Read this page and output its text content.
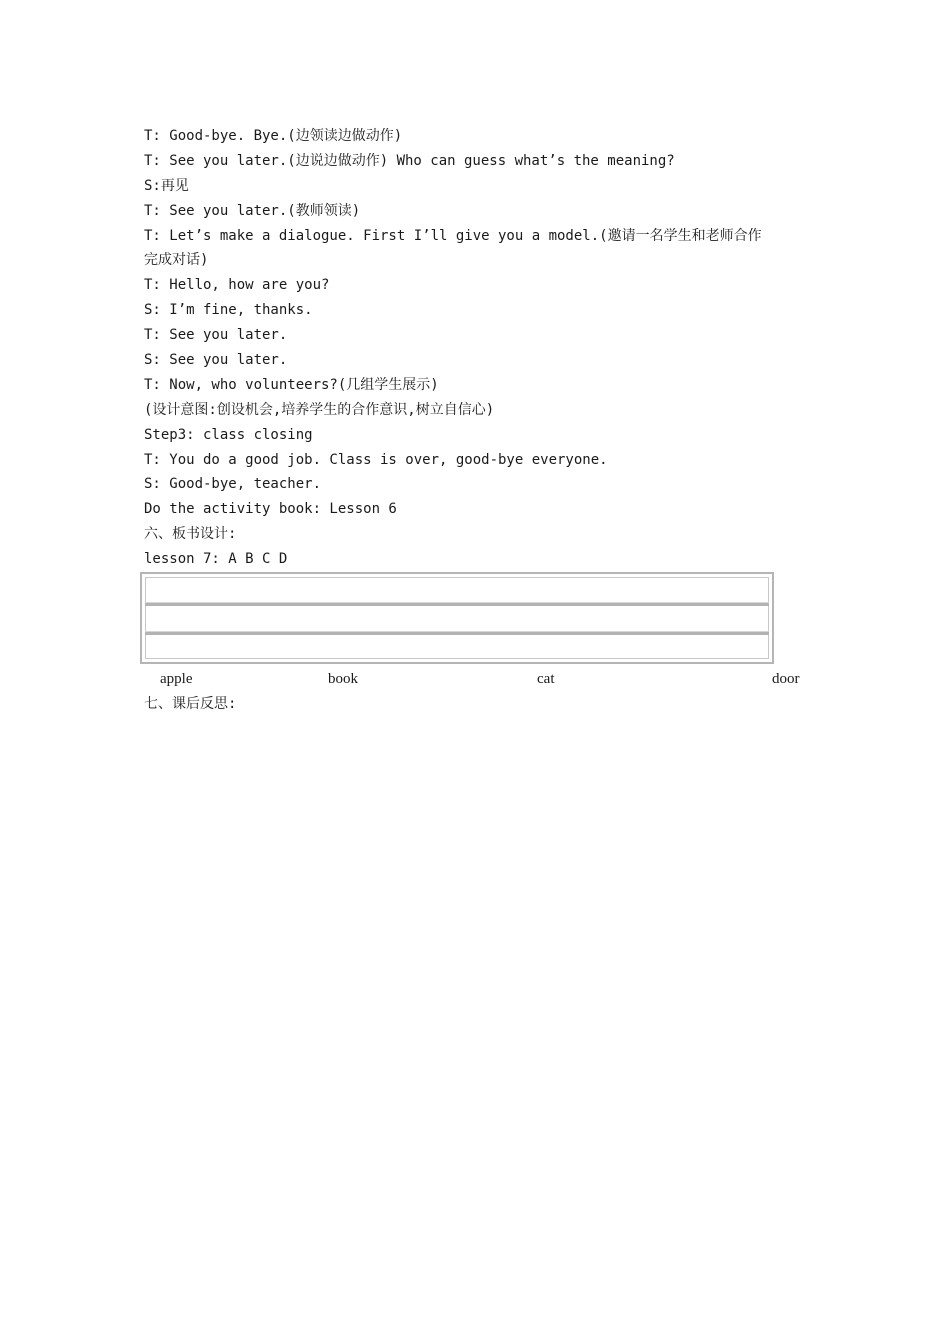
T: Good-bye. Bye.(边领读边做动作)
T: See you later.(边说边做动作) Who can guess what’s the meaning?
S:再见
T: See you later.(教师领读)
T: Let’s make a dialogue. First I’ll give you a model.(邀请一名学生和老师合作
完成对话)
T: Hello, how are you?
S: I’m fine, thanks.
T: See you later.
S: See you later.
T: Now, who volunteers?(几组学生展示)
(设计意图:创设机会,培养学生的合作意识,树立自信心)
Step3: class closing
T: You do a good job. Class is over, good-bye everyone.
S: Good-bye, teacher.
Do the activity book: Lesson 6
六、板书设计:
lesson 7: A B C D
apple	book	cat	door
七、课后反思:
